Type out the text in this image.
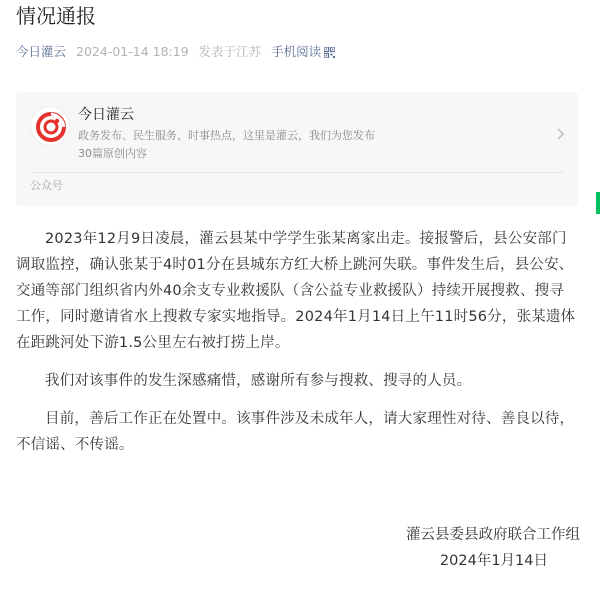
情况通报
今日灌云 2024-01-14 18:19 发表于江苏 手机阅读
今日灌云
政务发布、民生服务、时事热点，这里是灌云，我们为您发布
30篇原创内容
公众号

2023年12月9日凌晨，灌云县某中学学生张某离家出走。接报警后，县公安部门调取监控，确认张某于4时01分在县城东方红大桥上跳河失联。事件发生后，县公安、交通等部门组织省内外40余支专业救援队（含公益专业救援队）持续开展搜救、搜寻工作，同时邀请省水上搜救专家实地指导。2024年1月14日上午11时56分，张某遗体在距跳河处下游1.5公里左右被打捞上岸。

我们对该事件的发生深感痛惜，感谢所有参与搜救、搜寻的人员。

目前，善后工作正在处置中。该事件涉及未成年人，请大家理性对待、善良以待，不信谣、不传谣。

灌云县委县政府联合工作组
2024年1月14日
